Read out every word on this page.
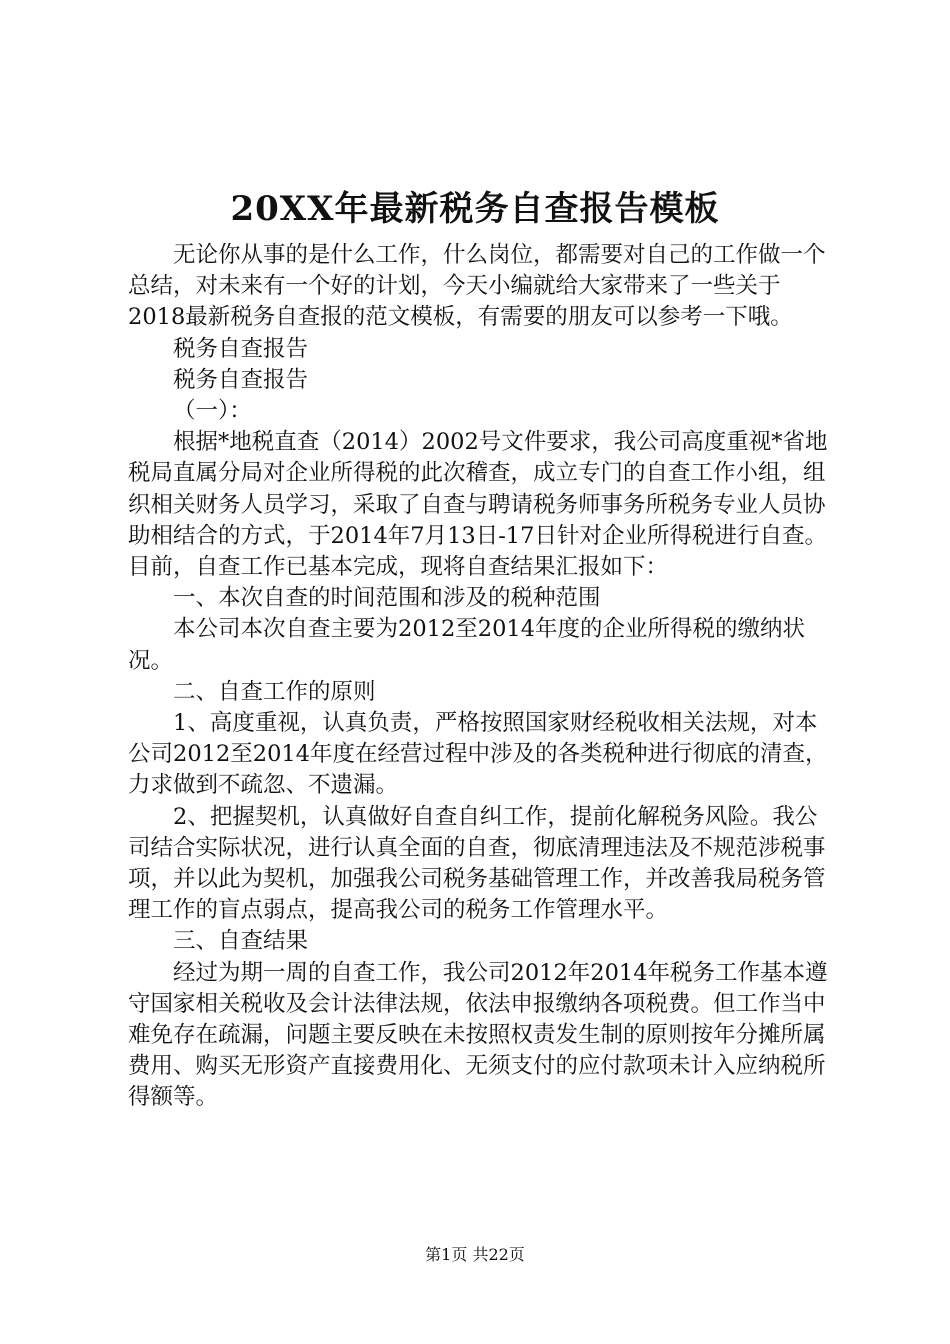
20XX年最新税务自查报告模板

无论你从事的是什么工作，什么岗位，都需要对自己的工作做一个总结，对未来有一个好的计划，今天小编就给大家带来了一些关于2018最新税务自查报的范文模板，有需要的朋友可以参考一下哦。

税务自查报告

税务自查报告

（一）：

根据*地税直查（2014）2002号文件要求，我公司高度重视*省地税局直属分局对企业所得税的此次稽查，成立专门的自查工作小组，组织相关财务人员学习，采取了自查与聘请税务师事务所税务专业人员协助相结合的方式，于2014年7月13日-17日针对企业所得税进行自查。目前，自查工作已基本完成，现将自查结果汇报如下：

一、本次自查的时间范围和涉及的税种范围

本公司本次自查主要为2012至2014年度的企业所得税的缴纳状况。

二、自查工作的原则

1、高度重视，认真负责，严格按照国家财经税收相关法规，对本公司2012至2014年度在经营过程中涉及的各类税种进行彻底的清查，力求做到不疏忽、不遗漏。

2、把握契机，认真做好自查自纠工作，提前化解税务风险。我公司结合实际状况，进行认真全面的自查，彻底清理违法及不规范涉税事项，并以此为契机，加强我公司税务基础管理工作，并改善我局税务管理工作的盲点弱点，提高我公司的税务工作管理水平。

三、自查结果

经过为期一周的自查工作，我公司2012年2014年税务工作基本遵守国家相关税收及会计法律法规，依法申报缴纳各项税费。但工作当中难免存在疏漏，问题主要反映在未按照权责发生制的原则按年分摊所属费用、购买无形资产直接费用化、无须支付的应付款项未计入应纳税所得额等。

第1页 共22页
